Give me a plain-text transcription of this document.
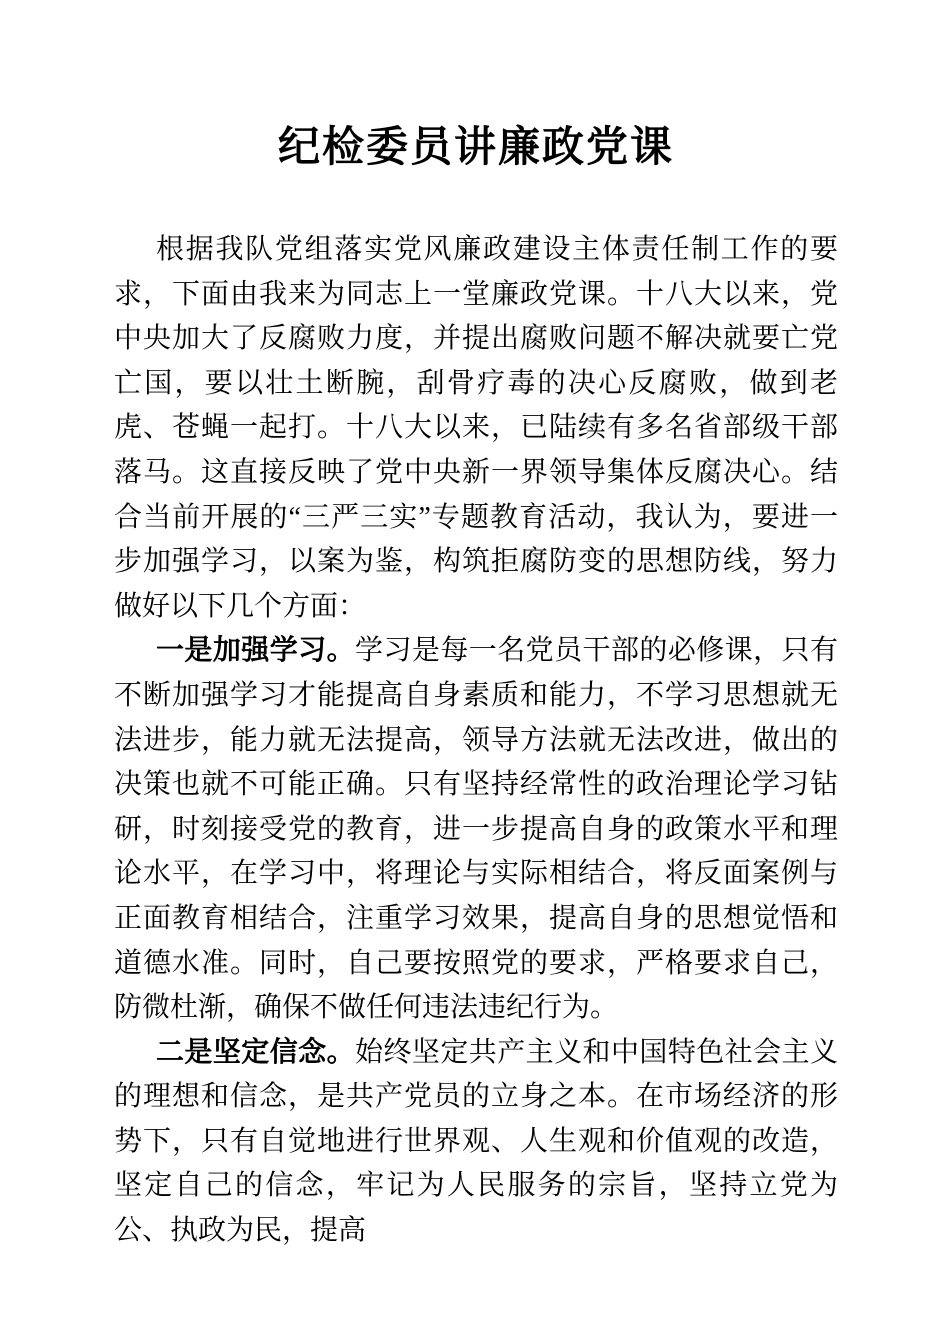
纪检委员讲廉政党课

根据我队党组落实党风廉政建设主体责任制工作的要求，下面由我来为同志上一堂廉政党课。十八大以来，党中央加大了反腐败力度，并提出腐败问题不解决就要亡党亡国，要以壮土断腕，刮骨疗毒的决心反腐败，做到老虎、苍蝇一起打。十八大以来，已陆续有多名省部级干部落马。这直接反映了党中央新一界领导集体反腐决心。结合当前开展的“三严三实”专题教育活动，我认为，要进一步加强学习，以案为鉴，构筑拒腐防变的思想防线，努力做好以下几个方面：

一是加强学习。学习是每一名党员干部的必修课，只有不断加强学习才能提高自身素质和能力，不学习思想就无法进步，能力就无法提高，领导方法就无法改进，做出的决策也就不可能正确。只有坚持经常性的政治理论学习钻研，时刻接受党的教育，进一步提高自身的政策水平和理论水平，在学习中，将理论与实际相结合，将反面案例与正面教育相结合，注重学习效果，提高自身的思想觉悟和道德水准。同时，自己要按照党的要求，严格要求自己，防微杜渐，确保不做任何违法违纪行为。

二是坚定信念。始终坚定共产主义和中国特色社会主义的理想和信念，是共产党员的立身之本。在市场经济的形势下，只有自觉地进行世界观、人生观和价值观的改造，坚定自己的信念，牢记为人民服务的宗旨，坚持立党为公、执政为民，提高
